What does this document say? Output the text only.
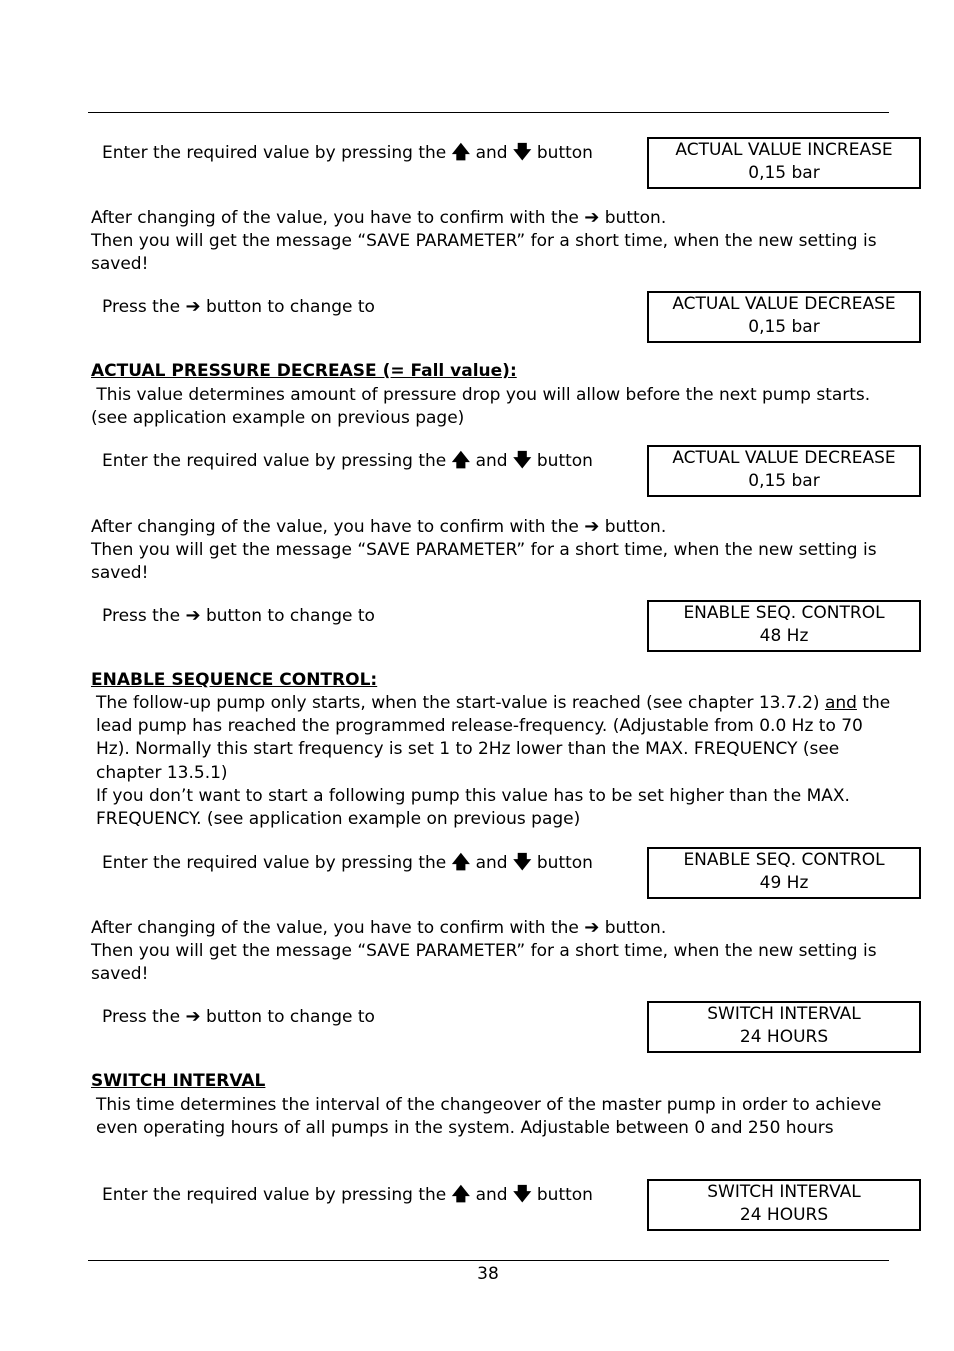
Enter the required value by pressing the 🡅 and 🡇 button	ACTUAL VALUE INCREASE
0,15 bar

After changing of the value, you have to confirm with the ➔ button.

Then you will get the message “SAVE PARAMETER” for a short time, when the new setting is saved!

Press the ➔ button to change to	ACTUAL VALUE DECREASE
0,15 bar
ACTUAL PRESSURE DECREASE (= Fall value):

This value determines amount of pressure drop you will allow before the next pump starts. (see application example on previous page)

Enter the required value by pressing the 🡅 and 🡇 button	ACTUAL VALUE DECREASE
0,15 bar

After changing of the value, you have to confirm with the ➔ button.

Then you will get the message “SAVE PARAMETER” for a short time, when the new setting is saved!

Press the ➔ button to change to	ENABLE SEQ. CONTROL
48 Hz
ENABLE SEQUENCE CONTROL:

The follow-up pump only starts, when the start-value is reached (see chapter 13.7.2) and the lead pump has reached the programmed release-frequency. (Adjustable from 0.0 Hz to 70 Hz). Normally this start frequency is set 1 to 2Hz lower than the MAX. FREQUENCY (see chapter 13.5.1)

If you don’t want to start a following pump this value has to be set higher than the MAX. FREQUENCY. (see application example on previous page)

Enter the required value by pressing the 🡅 and 🡇 button	ENABLE SEQ. CONTROL
49 Hz

After changing of the value, you have to confirm with the ➔ button.

Then you will get the message “SAVE PARAMETER” for a short time, when the new setting is saved!

Press the ➔ button to change to	SWITCH INTERVAL
24 HOURS
SWITCH INTERVAL

This time determines the interval of the changeover of the master pump in order to achieve even operating hours of all pumps in the system. Adjustable between 0 and 250 hours

Enter the required value by pressing the 🡅 and 🡇 button	SWITCH INTERVAL
24 HOURS
38
